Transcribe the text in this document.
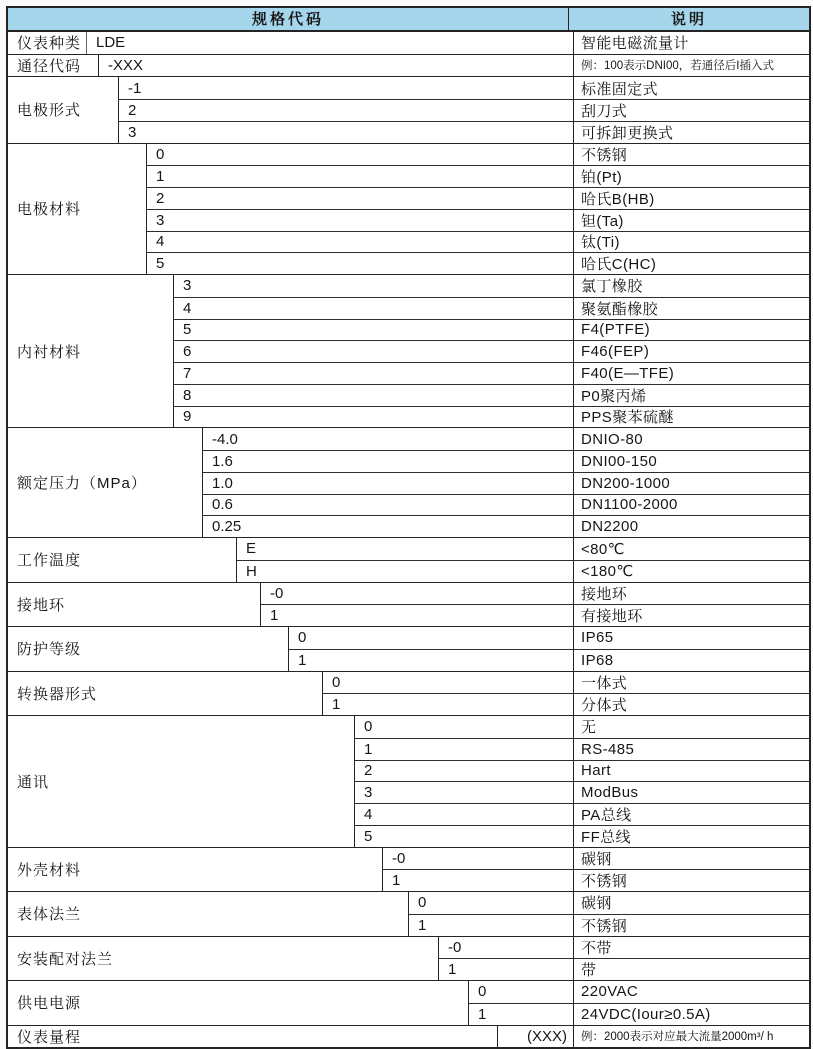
规格代码	说明
仪表种类 LDE	智能电磁流量计
通径代码	-XXX	例：100表示DNI00，若通径后I插入式
电极形式
-1	标准固定式
2	刮刀式
3	可拆卸更换式
电极材料
0	不锈钢
1	铂(Pt)
2	哈氏B(HB)
3	钽(Ta)
4	钛(Ti)
5	哈氏C(HC)
内衬材料
3	氯丁橡胶
4	聚氨酯橡胶
5	F4(PTFE)
6	F46(FEP)
7	F40(E—TFE)
8	P0聚丙烯
9	PPS聚苯硫醚
额定压力（MPa）
-4.0	DNIO-80
1.6	DNI00-150
1.0	DN200-1000
0.6	DN1100-2000
0.25	DN2200
工作温度
E	<80℃
H	<180℃
接地环
-0	接地环
1	有接地环
防护等级
0	IP65
1	IP68
转换器形式
0	一体式
1	分体式
通讯
0	无
1	RS-485
2	Hart
3	ModBus
4	PA总线
5	FF总线
外壳材料
-0	碳钢
1	不锈钢
表体法兰
0	碳钢
1	不锈钢
安装配对法兰
-0	不带
1	带
供电电源
0	220VAC
1	24VDC(Iour≥0.5A)
仪表量程	(XXX)	例：2000表示对应最大流量2000m³/ h
